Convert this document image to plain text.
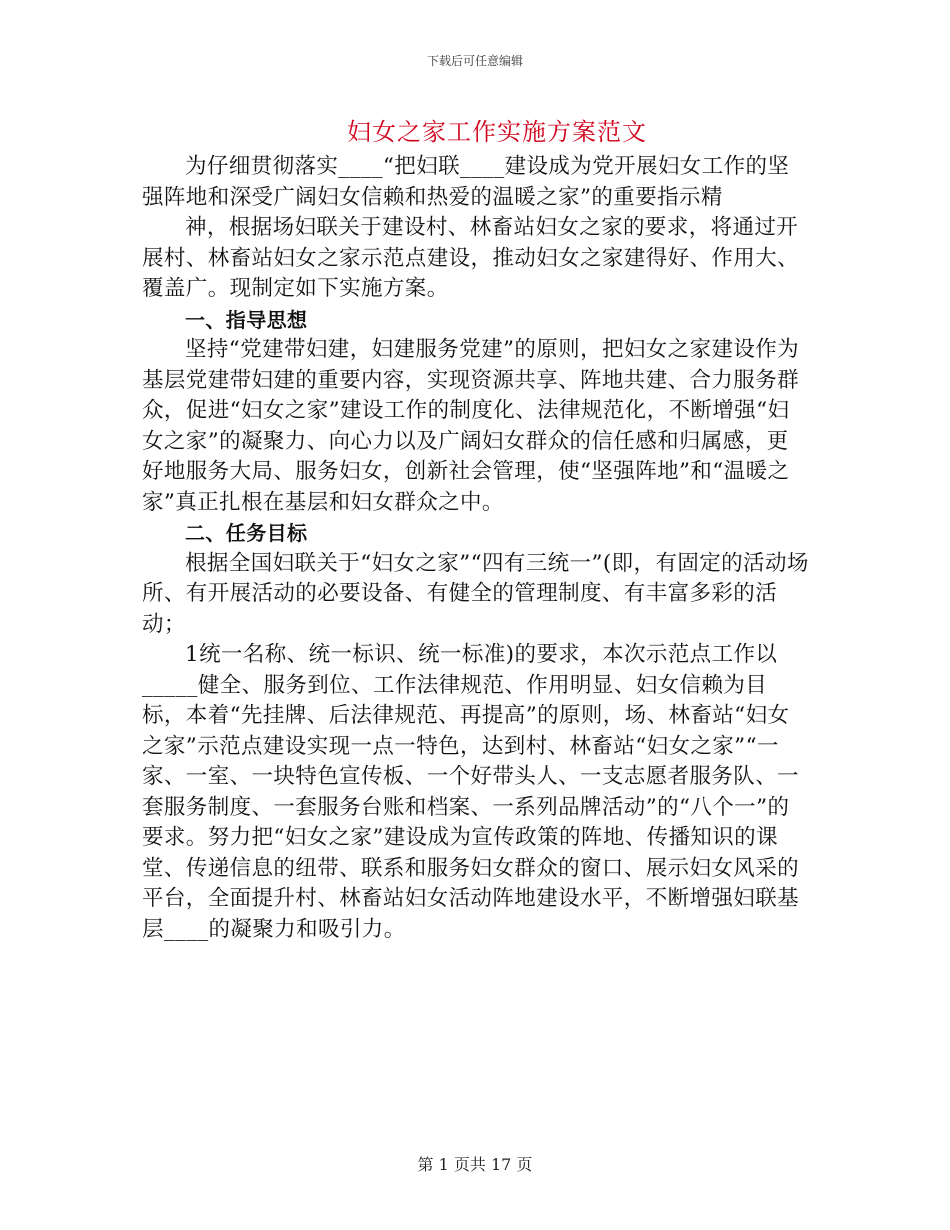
下载后可任意编辑
妇女之家工作实施方案范文

为仔细贯彻落实____“把妇联____建设成为党开展妇女工作的坚强阵地和深受广阔妇女信赖和热爱的温暖之家”的重要指示精

神，根据场妇联关于建设村、林畜站妇女之家的要求，将通过开展村、林畜站妇女之家示范点建设，推动妇女之家建得好、作用大、覆盖广。现制定如下实施方案。

一、指导思想

坚持“党建带妇建，妇建服务党建”的原则，把妇女之家建设作为基层党建带妇建的重要内容，实现资源共享、阵地共建、合力服务群众，促进“妇女之家”建设工作的制度化、法律规范化，不断增强“妇女之家”的凝聚力、向心力以及广阔妇女群众的信任感和归属感，更好地服务大局、服务妇女，创新社会管理，使“坚强阵地”和“温暖之家”真正扎根在基层和妇女群众之中。

二、任务目标

根据全国妇联关于“妇女之家”“四有三统一”(即，有固定的活动场所、有开展活动的必要设备、有健全的管理制度、有丰富多彩的活动；

1统一名称、统一标识、统一标准)的要求，本次示范点工作以_____健全、服务到位、工作法律规范、作用明显、妇女信赖为目标，本着“先挂牌、后法律规范、再提高”的原则，场、林畜站“妇女之家”示范点建设实现一点一特色，达到村、林畜站“妇女之家”“一家、一室、一块特色宣传板、一个好带头人、一支志愿者服务队、一套服务制度、一套服务台账和档案、一系列品牌活动”的“八个一”的要求。努力把“妇女之家”建设成为宣传政策的阵地、传播知识的课堂、传递信息的纽带、联系和服务妇女群众的窗口、展示妇女风采的平台，全面提升村、林畜站妇女活动阵地建设水平，不断增强妇联基层____的凝聚力和吸引力。

第 1 页共 17 页
